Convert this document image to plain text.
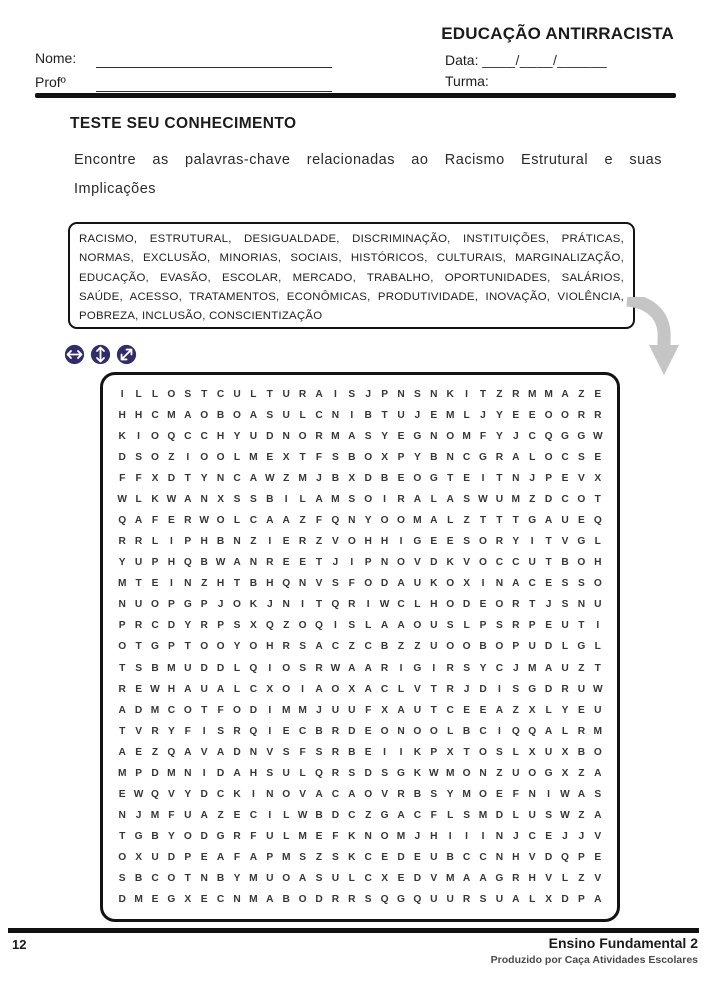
EDUCAÇÃO ANTIRRACISTA
Nome:
Profº
Data: ____/____/______
Turma:
TESTE SEU CONHECIMENTO
Encontre as palavras-chave relacionadas ao Racismo Estrutural e suas Implicações
RACISMO, ESTRUTURAL, DESIGUALDADE, DISCRIMINAÇÃO, INSTITUIÇÕES, PRÁTICAS, NORMAS, EXCLUSÃO, MINORIAS, SOCIAIS, HISTÓRICOS, CULTURAIS, MARGINALIZAÇÃO, EDUCAÇÃO, EVASÃO, ESCOLAR, MERCADO, TRABALHO, OPORTUNIDADES, SALÁRIOS, SAÚDE, ACESSO, TRATAMENTOS, ECONÔMICAS, PRODUTIVIDADE, INOVAÇÃO, VIOLÊNCIA, POBREZA, INCLUSÃO, CONSCIENTIZAÇÃO
I	L L O S T C U L T U R A	I	S J P N S N K	I	T Z R M M A Z E
H H C M A O B O A S U L C N	I	B T U J E M L	J Y E E O O R R
K	I	O Q C C H Y U D N O R M A S Y E G N O M F Y J C Q G G W
D S O Z	I	O O L M E X T F S B O X P Y B N C G R A L O C S E
F F X D T Y N C A W Z M J B X D B E O G T E	I	T N J P E V X
W L K W A N X S S B	I	L A M S O	I	R A L A S W U M Z D C O T
Q A F E R W O L C A A Z F Q N Y O O M A L Z T T T G A U E Q
R R L	I	P H B N Z	I	E R Z V O H H	I	G E E S O R Y	I	T V G L
Y U P H Q B W A N R E E T	J	I	P N O V D K V O C C U T B O H
M T E	I	N Z H T B H Q N V S F O D A U K O X	I	N A C E S S O
N U O P G P J O K J N	I	T Q R	I W C L H O D E O R T	J S N U
P R C D Y R P S X Q Z O Q	I	S L A A O U S L P S R P E U T	I
O T G P T O O Y O H R S A C Z C B Z Z U O O B O P U D L G L
T S B M U D D L Q	I	O S R W A A R	I	G	I	R S Y C J M A U Z T
R E W H A U A L C X O	I	A O X A C L V T R J D	I	S G D R U W
A D M C O T F O D	I	M M J U U F X A U T C E E A Z X L Y E U
T V R Y F	I	S R Q	I	E C B R D E O N O O L B C	I	Q Q A L R M
A E Z Q A V A D N V S F S R B E	I	I	K P X T O S L X U X B O
M P D M N	I	D A H S U L Q R S D S G K W M O N Z U O G X Z A
E W Q V Y D C K	I	N O V A C A O V R B S Y M O E F N	I W A S
N J M F U A Z E C	I	L W B D C Z G A C F L S M D L U S W Z A
T G B Y O D G R F U L M E F K N O M J H	I	I	I	N J C E J	J V
O X U D P E A F A P M S Z S K C E D E U B C C N H V D Q P E
S B C O T N B Y M U O A S U L C X E D V M A A G R H V L Z V
D M E G X E C N M A B O D R R S Q G Q U U R S U A L X D P A
12	Ensino Fundamental 2
Produzido por Caça Atividades Escolares
